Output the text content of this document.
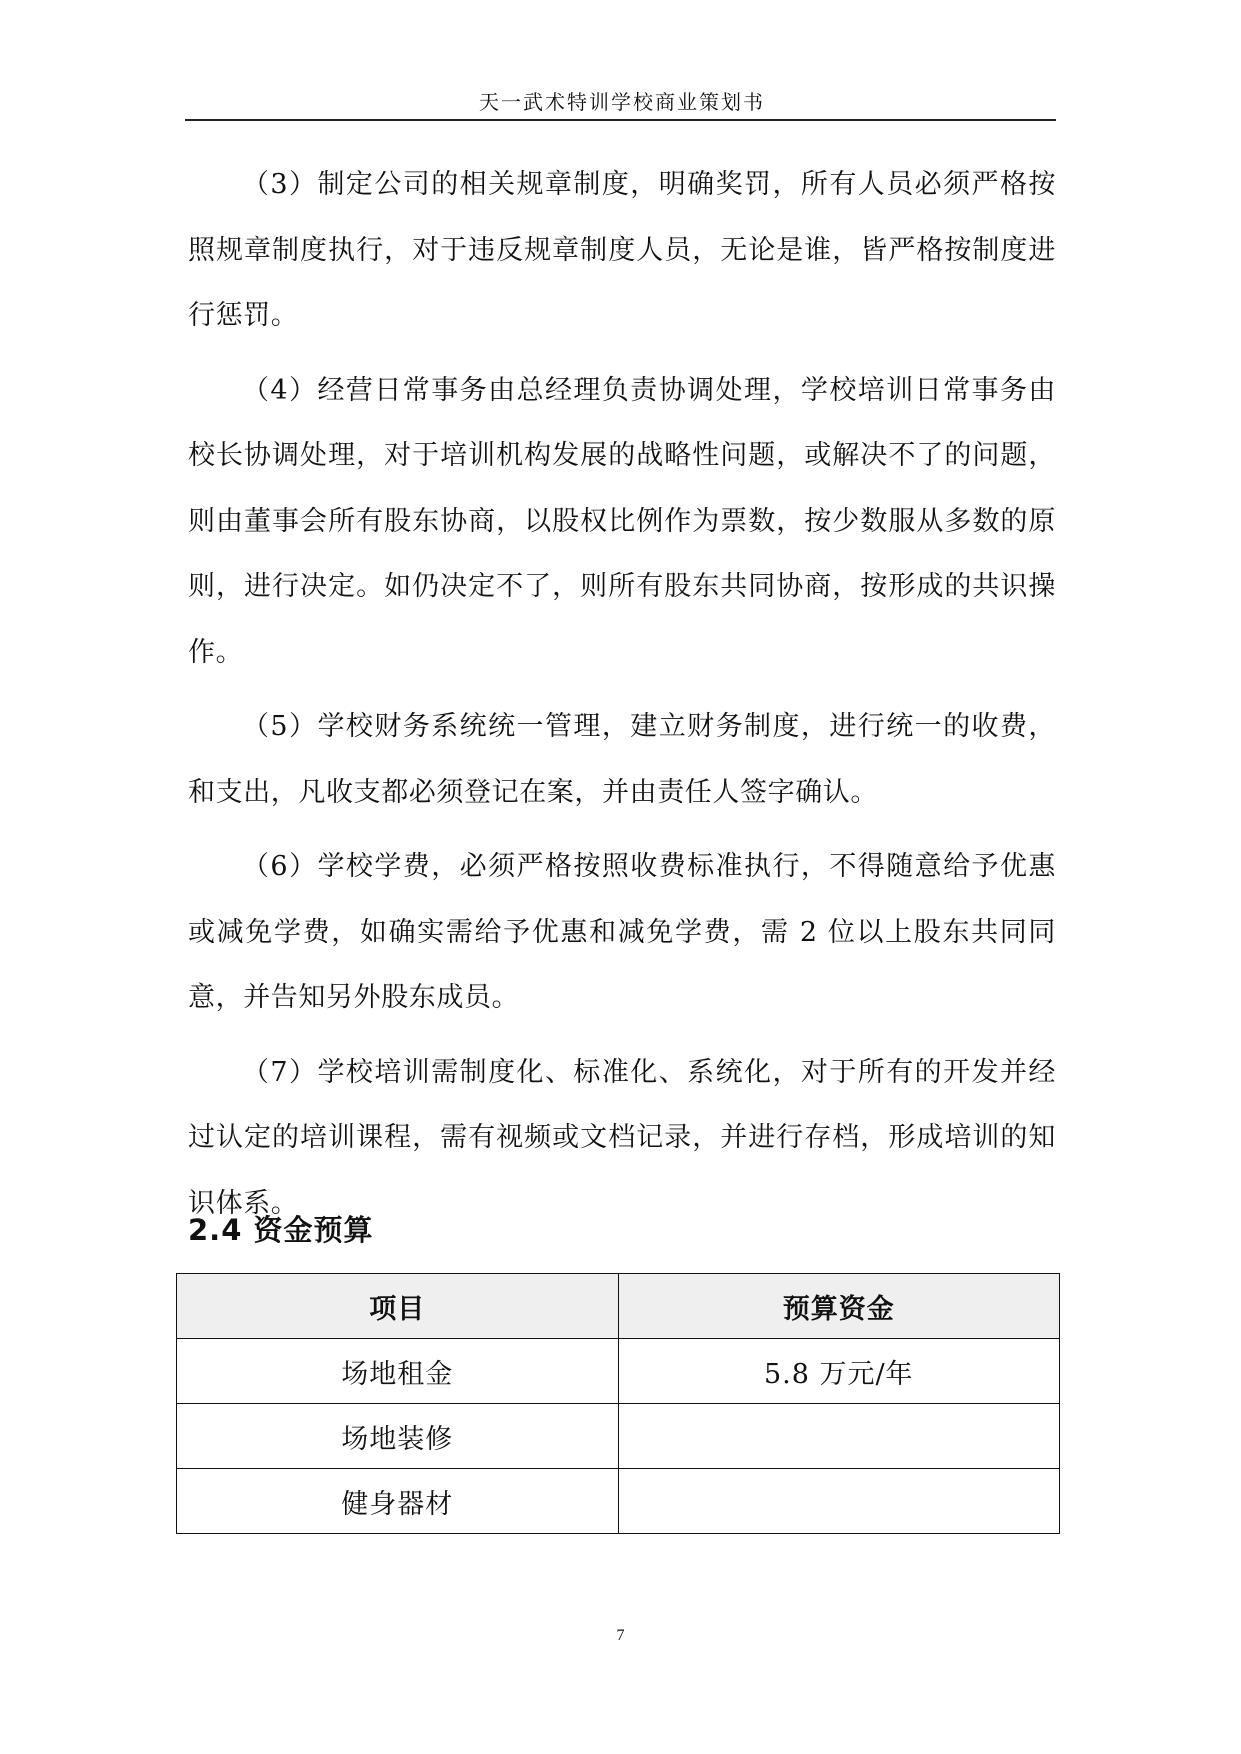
天一武术特训学校商业策划书

（3）制定公司的相关规章制度，明确奖罚，所有人员必须严格按照规章制度执行，对于违反规章制度人员，无论是谁，皆严格按制度进行惩罚。

（4）经营日常事务由总经理负责协调处理，学校培训日常事务由校长协调处理，对于培训机构发展的战略性问题，或解决不了的问题，则由董事会所有股东协商，以股权比例作为票数，按少数服从多数的原则，进行决定。如仍决定不了，则所有股东共同协商，按形成的共识操作。

（5）学校财务系统统一管理，建立财务制度，进行统一的收费，和支出，凡收支都必须登记在案，并由责任人签字确认。

（6）学校学费，必须严格按照收费标准执行，不得随意给予优惠或减免学费，如确实需给予优惠和减免学费，需 2 位以上股东共同同意，并告知另外股东成员。

（7）学校培训需制度化、标准化、系统化，对于所有的开发并经过认定的培训课程，需有视频或文档记录，并进行存档，形成培训的知识体系。

2.4 资金预算
项目	预算资金
场地租金	5.8 万元/年
场地装修	
健身器材	
7
